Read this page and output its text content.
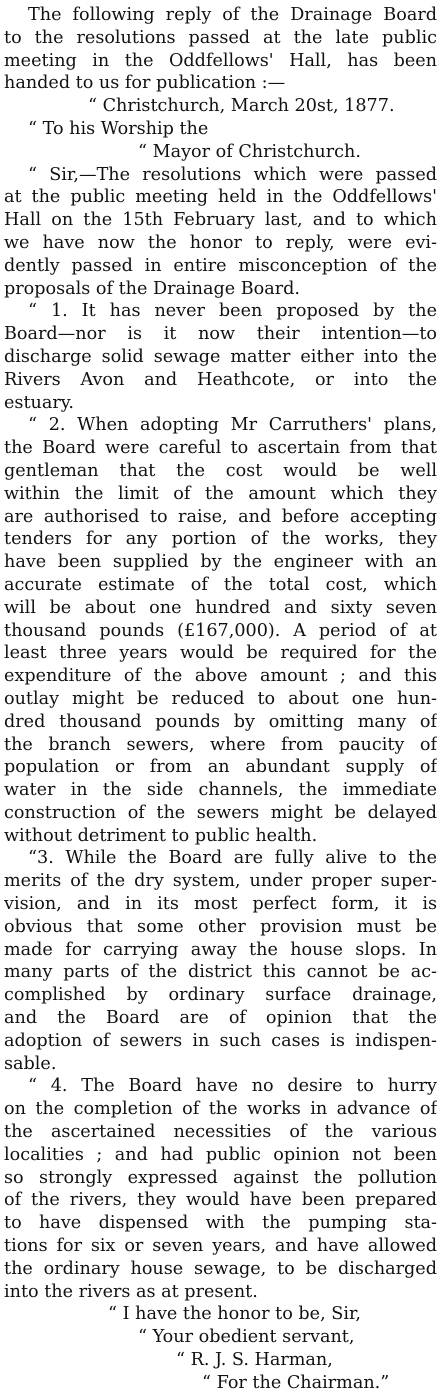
The following reply of the Drainage Board
to the resolutions passed at the late public
meeting in the Oddfellows' Hall, has been
handed to us for publication :—
“ Christchurch, March 20st, 1877.
“ To his Worship the
“ Mayor of Christchurch.
“ Sir,—The resolutions which were passed
at the public meeting held in the Oddfellows'
Hall on the 15th February last, and to which
we have now the honor to reply, were evi-
dently passed in entire misconception of the
proposals of the Drainage Board.
“ 1. It has never been proposed by the
Board—nor is it now their intention—to
discharge solid sewage matter either into the
Rivers Avon and Heathcote, or into the
estuary.
“ 2. When adopting Mr Carruthers' plans,
the Board were careful to ascertain from that
gentleman that the cost would be well
within the limit of the amount which they
are authorised to raise, and before accepting
tenders for any portion of the works, they
have been supplied by the engineer with an
accurate estimate of the total cost, which
will be about one hundred and sixty seven
thousand pounds (£167,000). A period of at
least three years would be required for the
expenditure of the above amount ; and this
outlay might be reduced to about one hun-
dred thousand pounds by omitting many of
the branch sewers, where from paucity of
population or from an abundant supply of
water in the side channels, the immediate
construction of the sewers might be delayed
without detriment to public health.
“3. While the Board are fully alive to the
merits of the dry system, under proper super-
vision, and in its most perfect form, it is
obvious that some other provision must be
made for carrying away the house slops. In
many parts of the district this cannot be ac-
complished by ordinary surface drainage,
and the Board are of opinion that the
adoption of sewers in such cases is indispen-
sable.
“ 4. The Board have no desire to hurry
on the completion of the works in advance of
the ascertained necessities of the various
localities ; and had public opinion not been
so strongly expressed against the pollution
of the rivers, they would have been prepared
to have dispensed with the pumping sta-
tions for six or seven years, and have allowed
the ordinary house sewage, to be discharged
into the rivers as at present.
“ I have the honor to be, Sir,
“ Your obedient servant,
“ R. J. S. Harman,
“ For the Chairman.”
